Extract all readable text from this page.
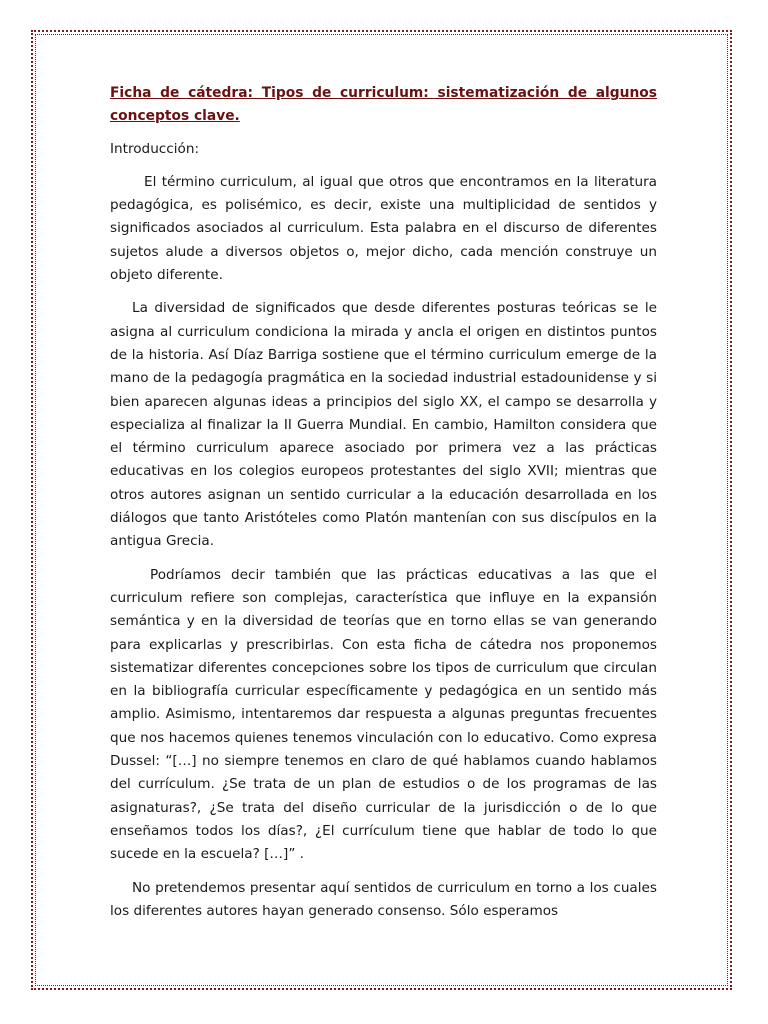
Ficha de cátedra: Tipos de curriculum: sistematización de algunos conceptos clave.

Introducción:

El término curriculum, al igual que otros que encontramos en la literatura pedagógica, es polisémico, es decir, existe una multiplicidad de sentidos y significados asociados al curriculum. Esta palabra en el discurso de diferentes sujetos alude a diversos objetos o, mejor dicho, cada mención construye un objeto diferente.

La diversidad de significados que desde diferentes posturas teóricas se le asigna al curriculum condiciona la mirada y ancla el origen en distintos puntos de la historia. Así Díaz Barriga sostiene que el término curriculum emerge de la mano de la pedagogía pragmática en la sociedad industrial estadounidense y si bien aparecen algunas ideas a principios del siglo XX, el campo se desarrolla y especializa al finalizar la II Guerra Mundial. En cambio, Hamilton considera que el término curriculum aparece asociado por primera vez a las prácticas educativas en los colegios europeos protestantes del siglo XVII; mientras que otros autores asignan un sentido curricular a la educación desarrollada en los diálogos que tanto Aristóteles como Platón mantenían con sus discípulos en la antigua Grecia.

Podríamos decir también que las prácticas educativas a las que el curriculum refiere son complejas, característica que influye en la expansión semántica y en la diversidad de teorías que en torno ellas se van generando para explicarlas y prescribirlas. Con esta ficha de cátedra nos proponemos sistematizar diferentes concepciones sobre los tipos de curriculum que circulan en la bibliografía curricular específicamente y pedagógica en un sentido más amplio. Asimismo, intentaremos dar respuesta a algunas preguntas frecuentes que nos hacemos quienes tenemos vinculación con lo educativo. Como expresa Dussel: “[…] no siempre tenemos en claro de qué hablamos cuando hablamos del currículum. ¿Se trata de un plan de estudios o de los programas de las asignaturas?, ¿Se trata del diseño curricular de la jurisdicción o de lo que enseñamos todos los días?, ¿El currículum tiene que hablar de todo lo que sucede en la escuela? […]” .

No pretendemos presentar aquí sentidos de curriculum en torno a los cuales los diferentes autores hayan generado consenso. Sólo esperamos
